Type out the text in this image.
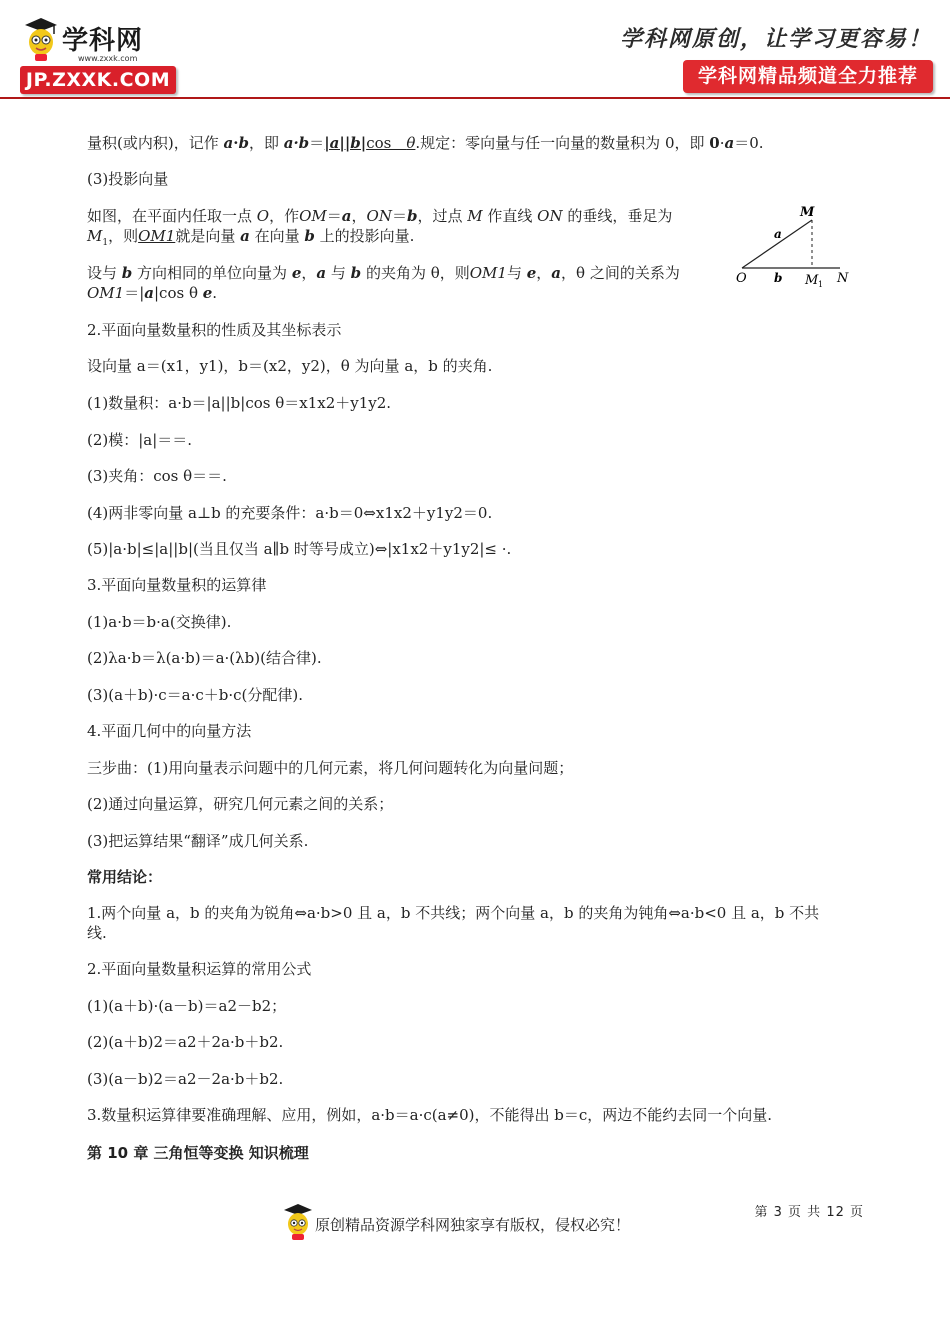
学科网
www.zxxk.com
JP.ZXXK.COM
学科网原创，让学习更容易！
学科网精品频道全力推荐
量积(或内积)，记作 a·b，即 a·b＝|a||b|cos　θ.规定：零向量与任一向量的数量积为 0，即 0·a＝0.
(3)投影向量
如图，在平面内任取一点 O，作OM＝a，ON＝b，过点 M 作直线 ON 的垂线，垂足为
$M_1$，则OM1就是向量 a 在向量 b 上的投影向量.
设与 b 方向相同的单位向量为 e，a 与 b 的夹角为 θ，则OM1与 e，a，θ 之间的关系为
OM1＝|a|cos θ e.
2.平面向量数量积的性质及其坐标表示
设向量 a＝(x1，y1)，b＝(x2，y2)，θ 为向量 a，b 的夹角.
(1)数量积：a·b＝|a||b|cos θ＝x1x2＋y1y2.
(2)模：|a|＝＝.
(3)夹角：cos θ＝＝.
(4)两非零向量 a⊥b 的充要条件：a·b＝0⇔x1x2＋y1y2＝0.
(5)|a·b|≤|a||b|(当且仅当 a∥b 时等号成立)⇔|x1x2＋y1y2|≤ ·.
3.平面向量数量积的运算律
(1)a·b＝b·a(交换律).
(2)λa·b＝λ(a·b)＝a·(λb)(结合律).
(3)(a＋b)·c＝a·c＋b·c(分配律).
4.平面几何中的向量方法
三步曲：(1)用向量表示问题中的几何元素，将几何问题转化为向量问题；
(2)通过向量运算，研究几何元素之间的关系；
(3)把运算结果“翻译”成几何关系.
常用结论：
1.两个向量 a，b 的夹角为锐角⇔a·b>0 且 a，b 不共线；两个向量 a，b 的夹角为钝角⇔a·b<0 且 a，b 不共
线.
2.平面向量数量积运算的常用公式
(1)(a＋b)·(a－b)＝a2－b2；
(2)(a＋b)2＝a2＋2a·b＋b2.
(3)(a－b)2＝a2－2a·b＋b2.
3.数量积运算律要准确理解、应用，例如，a·b＝a·c(a≠0)，不能得出 b＝c，两边不能约去同一个向量.
第 10 章 三角恒等变换 知识梳理
M
a
O b M 1 N
原创精品资源学科网独家享有版权，侵权必究！
第 3 页 共 12 页
